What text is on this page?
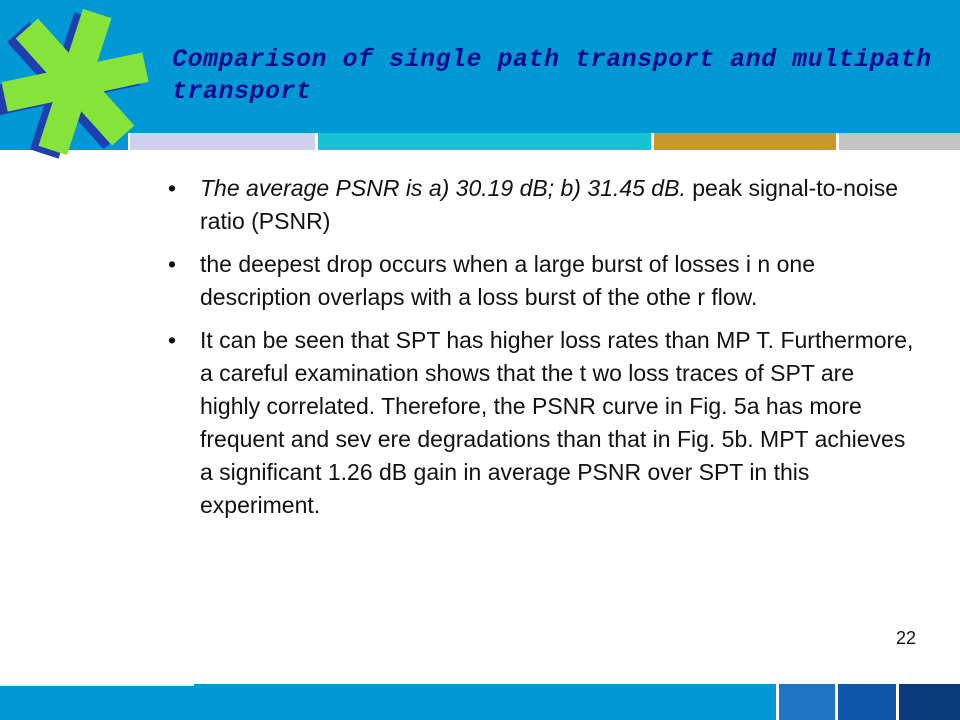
Comparison of single path transport and multipath transport
• The average PSNR is a) 30.19 dB; b) 31.45 dB. peak signal-to-noise ratio (PSNR)
• the deepest drop occurs when a large burst of losses i n one description overlaps with a loss burst of the othe r flow.
• It can be seen that SPT has higher loss rates than MP T. Furthermore, a careful examination shows that the t wo loss traces of SPT are highly correlated. Therefore, the PSNR curve in Fig. 5a has more frequent and sev ere degradations than that in Fig. 5b. MPT achieves a significant 1.26 dB gain in average PSNR over SPT in this experiment.
22
